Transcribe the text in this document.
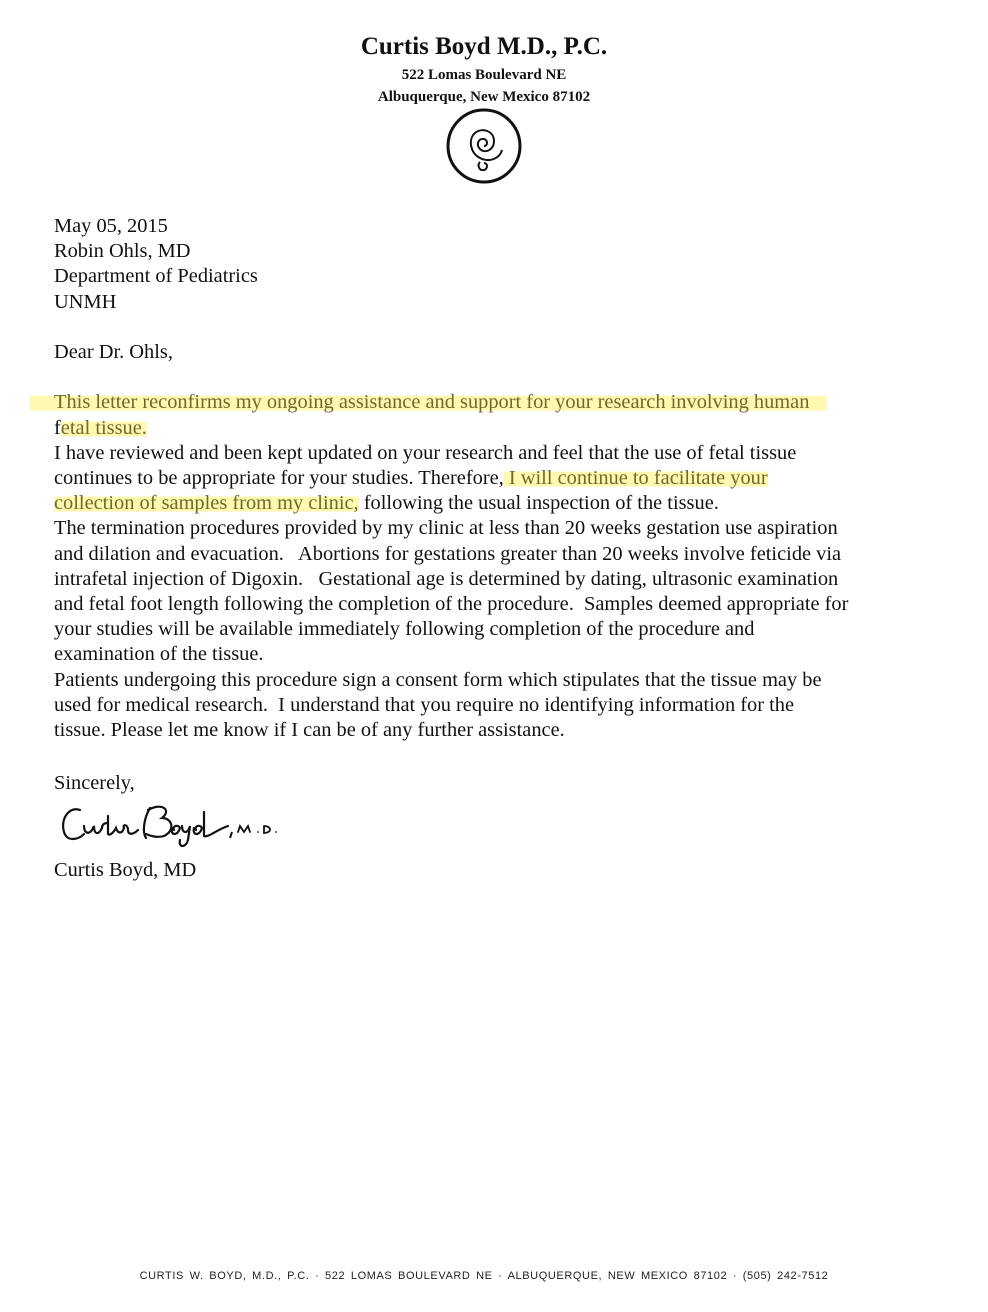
Curtis Boyd M.D., P.C.
522 Lomas Boulevard NE
Albuquerque, New Mexico 87102

May 05, 2015

Robin Ohls, MD

Department of Pediatrics

UNMH

Dear Dr. Ohls,

This letter reconfirms my ongoing assistance and support for your research involving human

fetal tissue.

I have reviewed and been kept updated on your research and feel that the use of fetal tissue

continues to be appropriate for your studies. Therefore, I will continue to facilitate your

collection of samples from my clinic, following the usual inspection of the tissue.

The termination procedures provided by my clinic at less than 20 weeks gestation use aspiration

and dilation and evacuation.   Abortions for gestations greater than 20 weeks involve feticide via

intrafetal injection of Digoxin.   Gestational age is determined by dating, ultrasonic examination

and fetal foot length following the completion of the procedure.  Samples deemed appropriate for

your studies will be available immediately following completion of the procedure and

examination of the tissue.

Patients undergoing this procedure sign a consent form which stipulates that the tissue may be

used for medical research.  I understand that you require no identifying information for the

tissue. Please let me know if I can be of any further assistance.

Sincerely,
Curtis Boyd, MD
CURTIS W. BOYD, M.D., P.C. · 522 LOMAS BOULEVARD NE · ALBUQUERQUE, NEW MEXICO 87102 · (505) 242-7512
